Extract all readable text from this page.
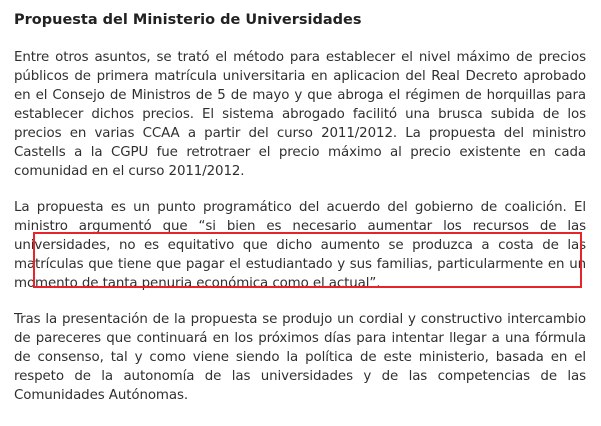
Propuesta del Ministerio de Universidades

Entre otros asuntos, se trató el método para establecer el nivel máximo de precios públicos de primera matrícula universitaria en aplicacion del Real Decreto aprobado en el Consejo de Ministros de 5 de mayo y que abroga el régimen de horquillas para establecer dichos precios. El sistema abrogado facilitó una brusca subida de los precios en varias CCAA a partir del curso 2011/2012. La propuesta del ministro Castells a la CGPU fue retrotraer el precio máximo al precio existente en cada comunidad en el curso 2011/2012.

La propuesta es un punto programático del acuerdo del gobierno de coalición. El ministro argumentó que “si bien es necesario aumentar los recursos de las universidades, no es equitativo que dicho aumento se produzca a costa de las matrículas que tiene que pagar el estudiantado y sus familias, particularmente en un momento de tanta penuria económica como el actual”.

Tras la presentación de la propuesta se produjo un cordial y constructivo intercambio de pareceres que continuará en los próximos días para intentar llegar a una fórmula de consenso, tal y como viene siendo la política de este ministerio, basada en el respeto de la autonomía de las universidades y de las competencias de las Comunidades Autónomas.
